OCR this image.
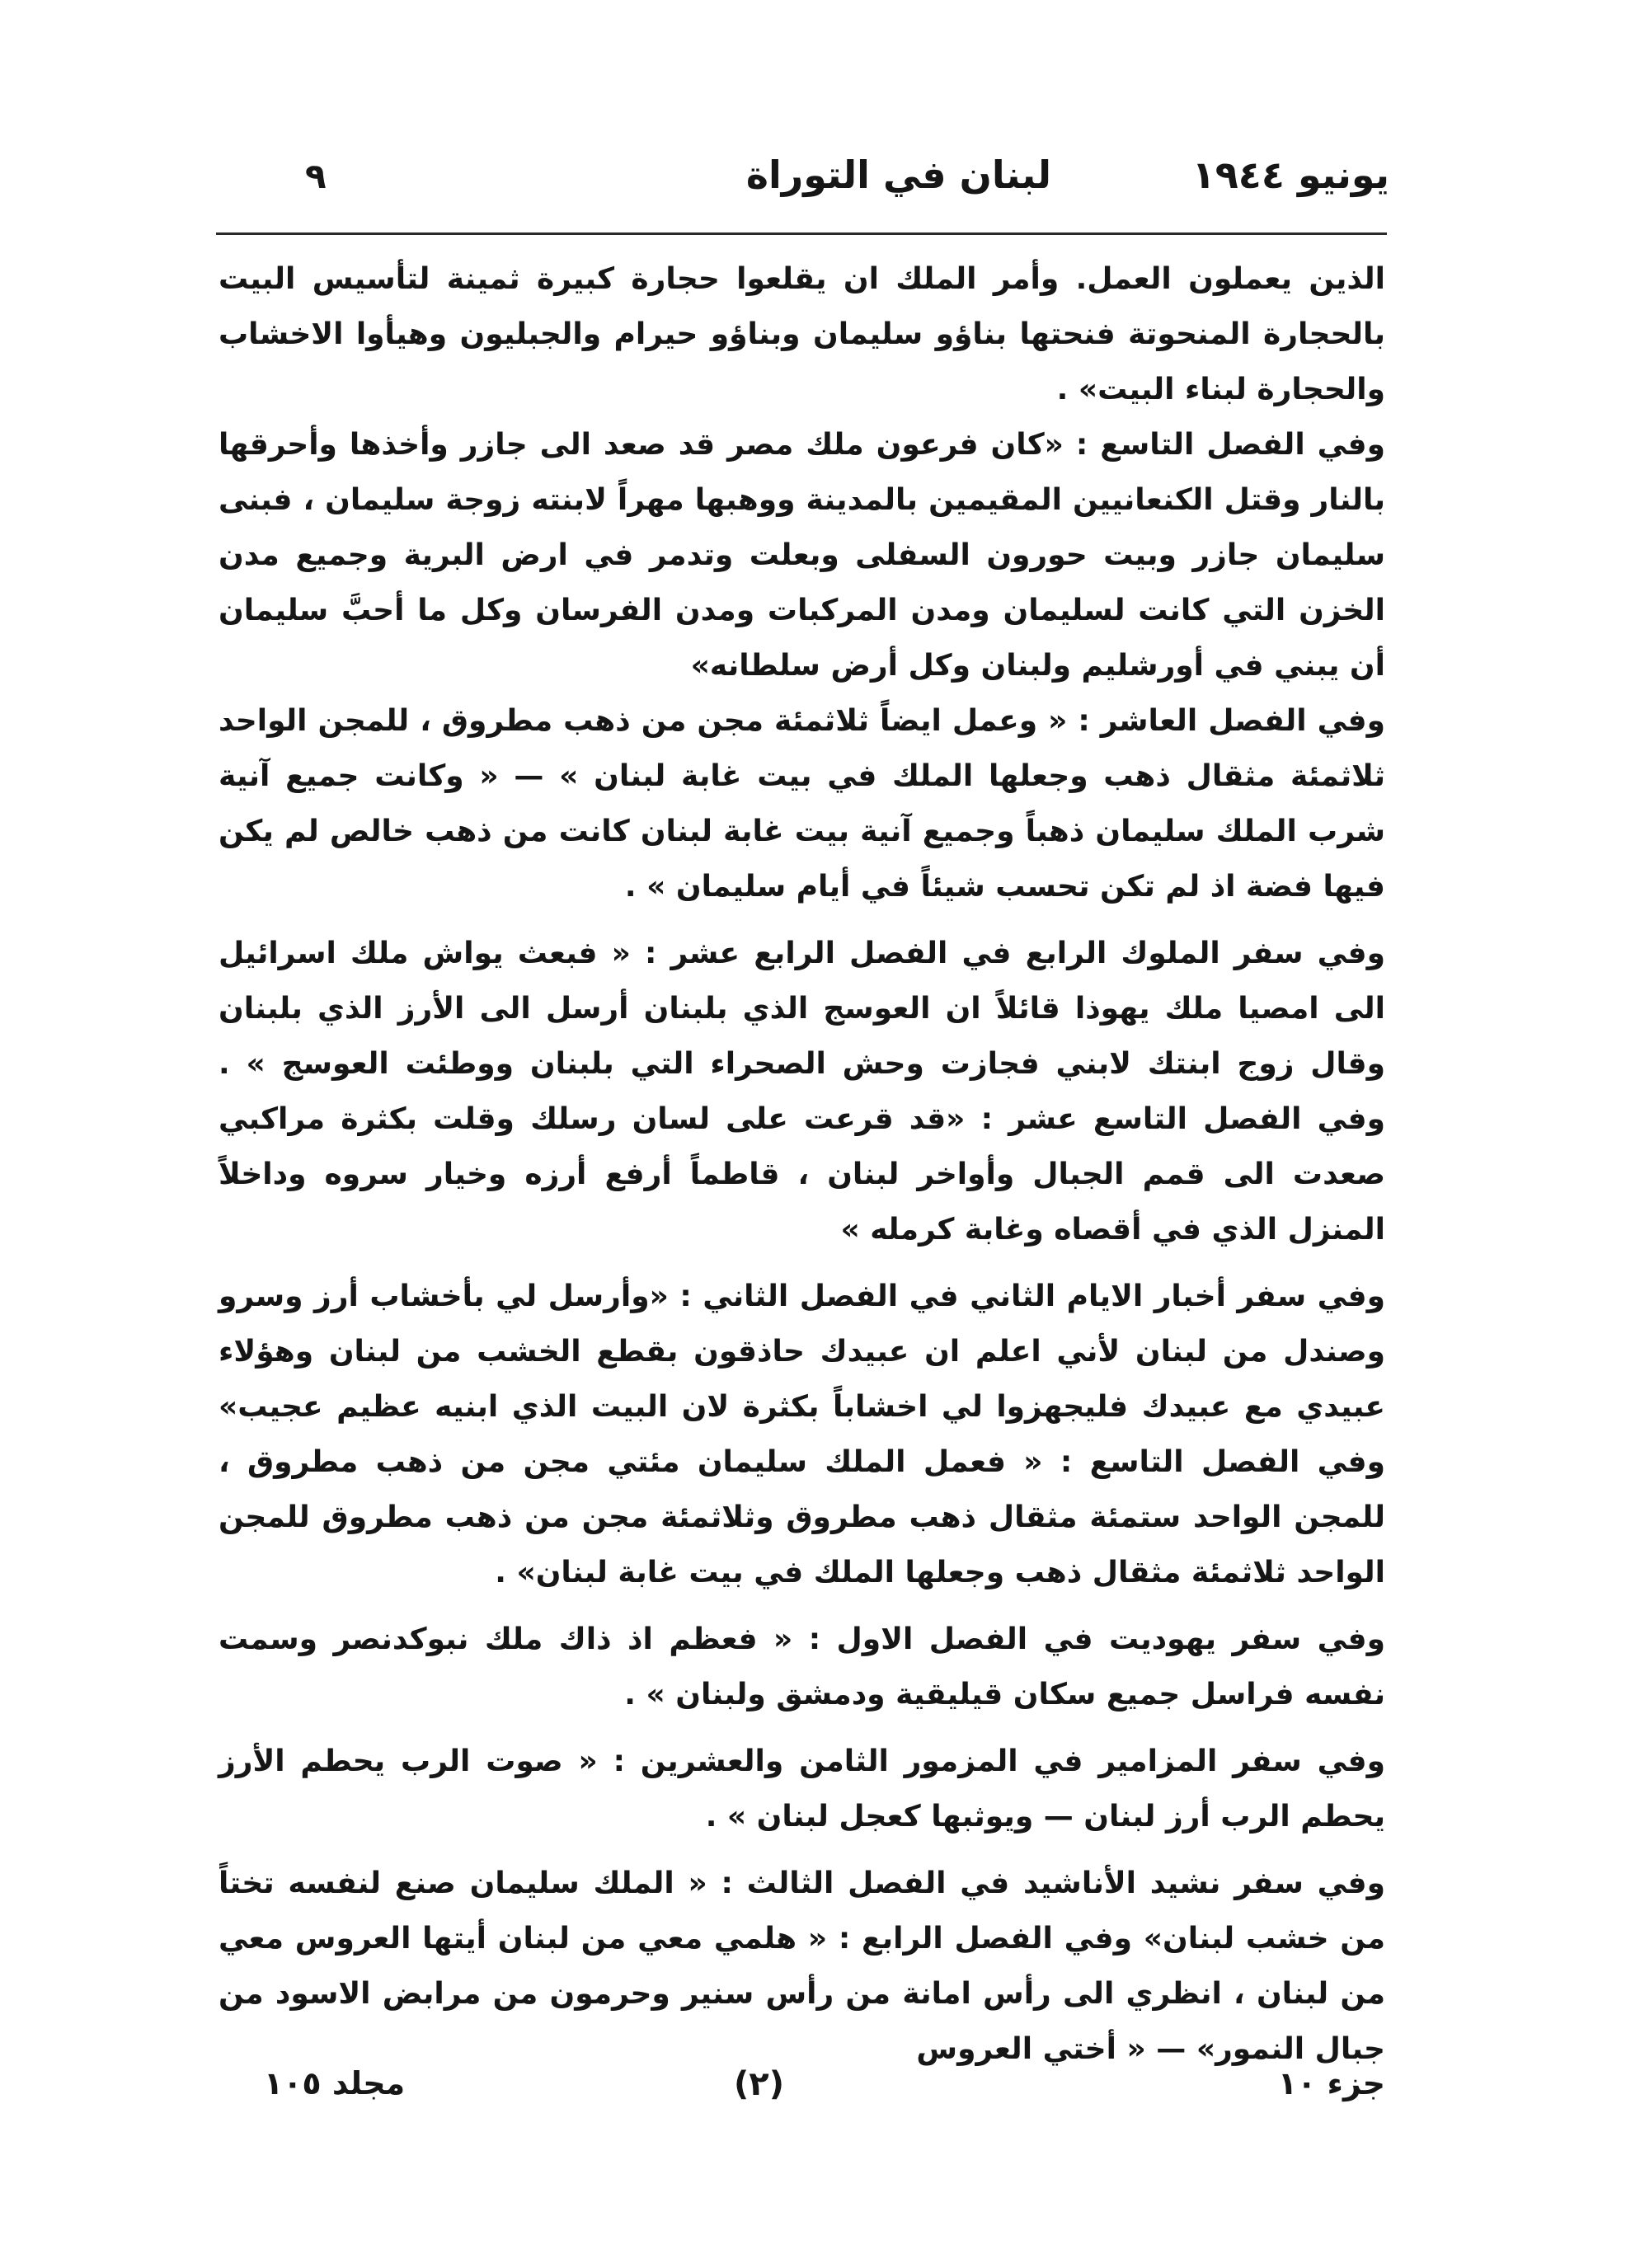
يونيو ١٩٤٤
لبنان في التوراة
٩

الذين يعملون العمل. وأمر الملك ان يقلعوا حجارة كبيرة ثمينة لتأسيس البيت بالحجارة المنحوتة فنحتها بناؤو سليمان وبناؤو حيرام والجبليون وهيأوا الاخشاب والحجارة لبناء البيت» .

وفي الفصل التاسع : «كان فرعون ملك مصر قد صعد الى جازر وأخذها وأحرقها بالنار وقتل الكنعانيين المقيمين بالمدينة ووهبها مهراً لابنته زوجة سليمان ، فبنى سليمان جازر وبيت حورون السفلى وبعلت وتدمر في ارض البرية وجميع مدن الخزن التي كانت لسليمان ومدن المركبات ومدن الفرسان وكل ما أحبَّ سليمان أن يبني في أورشليم ولبنان وكل أرض سلطانه»

وفي الفصل العاشر : « وعمل ايضاً ثلاثمئة مجن من ذهب مطروق ، للمجن الواحد ثلاثمئة مثقال ذهب وجعلها الملك في بيت غابة لبنان » — « وكانت جميع آنية شرب الملك سليمان ذهباً وجميع آنية بيت غابة لبنان كانت من ذهب خالص لم يكن فيها فضة اذ لم تكن تحسب شيئاً في أيام سليمان » .

وفي سفر الملوك الرابع في الفصل الرابع عشر : « فبعث يواش ملك اسرائيل الى امصيا ملك يهوذا قائلاً ان العوسج الذي بلبنان أرسل الى الأرز الذي بلبنان وقال زوج ابنتك لابني فجازت وحش الصحراء التي بلبنان ووطئت العوسج » . وفي الفصل التاسع عشر : «قد قرعت على لسان رسلك وقلت بكثرة مراكبي صعدت الى قمم الجبال وأواخر لبنان ، قاطماً أرفع أرزه وخيار سروه وداخلاً المنزل الذي في أقصاه وغابة كرمله »

وفي سفر أخبار الايام الثاني في الفصل الثاني : «وأرسل لي بأخشاب أرز وسرو وصندل من لبنان لأني اعلم ان عبيدك حاذقون بقطع الخشب من لبنان وهؤلاء عبيدي مع عبيدك فليجهزوا لي اخشاباً بكثرة لان البيت الذي ابنيه عظيم عجيب» وفي الفصل التاسع : « فعمل الملك سليمان مئتي مجن من ذهب مطروق ، للمجن الواحد ستمئة مثقال ذهب مطروق وثلاثمئة مجن من ذهب مطروق للمجن الواحد ثلاثمئة مثقال ذهب وجعلها الملك في بيت غابة لبنان» .

وفي سفر يهوديت في الفصل الاول : « فعظم اذ ذاك ملك نبوكدنصر وسمت نفسه فراسل جميع سكان قيليقية ودمشق ولبنان » .

وفي سفر المزامير في المزمور الثامن والعشرين : « صوت الرب يحطم الأرز يحطم الرب أرز لبنان — ويوثبها كعجل لبنان » .

وفي سفر نشيد الأناشيد في الفصل الثالث : « الملك سليمان صنع لنفسه تختاً من خشب لبنان» وفي الفصل الرابع : « هلمي معي من لبنان أيتها العروس معي من لبنان ، انظري الى رأس امانة من رأس سنير وحرمون من مرابض الاسود من جبال النمور» — « أختي العروس

جزء ١٠
(٢)
مجلد ١٠٥
